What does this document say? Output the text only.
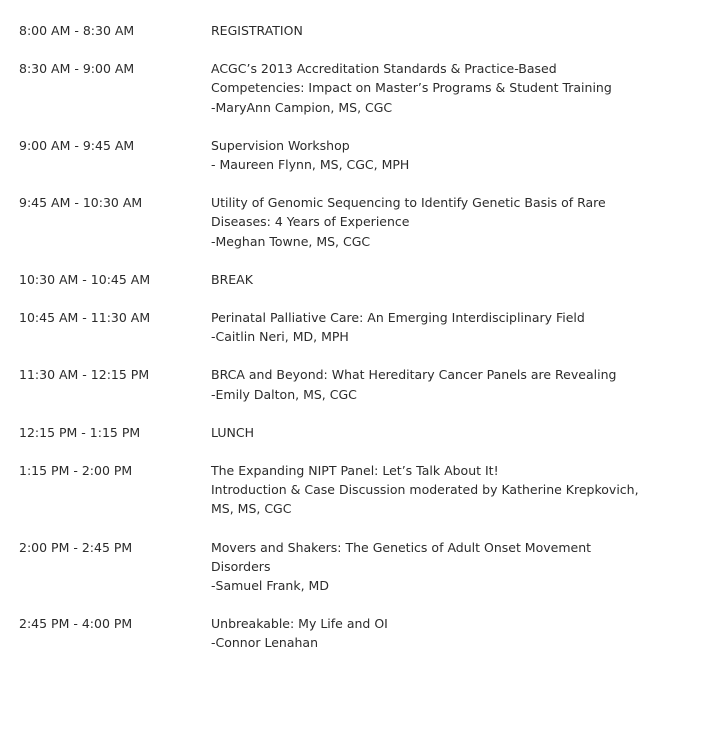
8:00 AM - 8:30 AM	REGISTRATION
8:30 AM - 9:00 AM	ACGC’s 2013 Accreditation Standards & Practice-Based
Competencies: Impact on Master’s Programs & Student Training
-MaryAnn Campion, MS, CGC
9:00 AM - 9:45 AM	Supervision Workshop
- Maureen Flynn, MS, CGC, MPH
9:45 AM - 10:30 AM	Utility of Genomic Sequencing to Identify Genetic Basis of Rare
Diseases: 4 Years of Experience
-Meghan Towne, MS, CGC
10:30 AM - 10:45 AM	BREAK
10:45 AM - 11:30 AM	Perinatal Palliative Care: An Emerging Interdisciplinary Field
-Caitlin Neri, MD, MPH
11:30 AM - 12:15 PM	BRCA and Beyond: What Hereditary Cancer Panels are Revealing
-Emily Dalton, MS, CGC
12:15 PM - 1:15 PM	LUNCH
1:15 PM - 2:00 PM	The Expanding NIPT Panel: Let’s Talk About It!
Introduction & Case Discussion moderated by Katherine Krepkovich,
MS, MS, CGC
2:00 PM - 2:45 PM	Movers and Shakers: The Genetics of Adult Onset Movement
Disorders
-Samuel Frank, MD
2:45 PM - 4:00 PM	Unbreakable: My Life and OI
-Connor Lenahan
